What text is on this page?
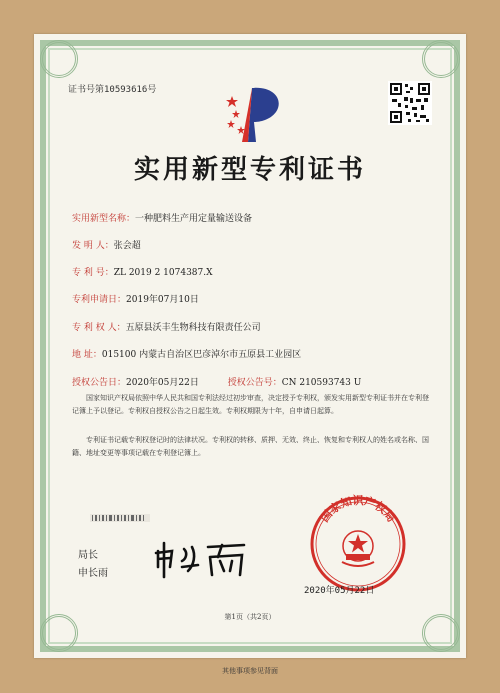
证书号第10593616号
实用新型专利证书
实用新型名称：一种肥料生产用定量输送设备
发 明 人：张会超
专 利 号：ZL 2019 2 1074387.X
专利申请日：2019年07月10日
专 利 权 人：五原县沃丰生物科技有限责任公司
地 址：015100 内蒙古自治区巴彦淖尔市五原县工业园区
授权公告日：2020年05月22日	授权公告号：CN 210593743 U
国家知识产权局依照中华人民共和国专利法经过初步审查，决定授予专利权，颁发实用新型专利证书并在专利登记簿上予以登记。专利权自授权公告之日起生效。专利权期限为十年，自申请日起算。
专利证书记载专利权登记时的法律状况。专利权的转移、质押、无效、终止、恢复和专利权人的姓名或名称、国籍、地址变更等事项记载在专利登记簿上。
局长
申长雨
国家知识产权局
2020年05月22日
第1页（共2页）
其他事项参见背面
